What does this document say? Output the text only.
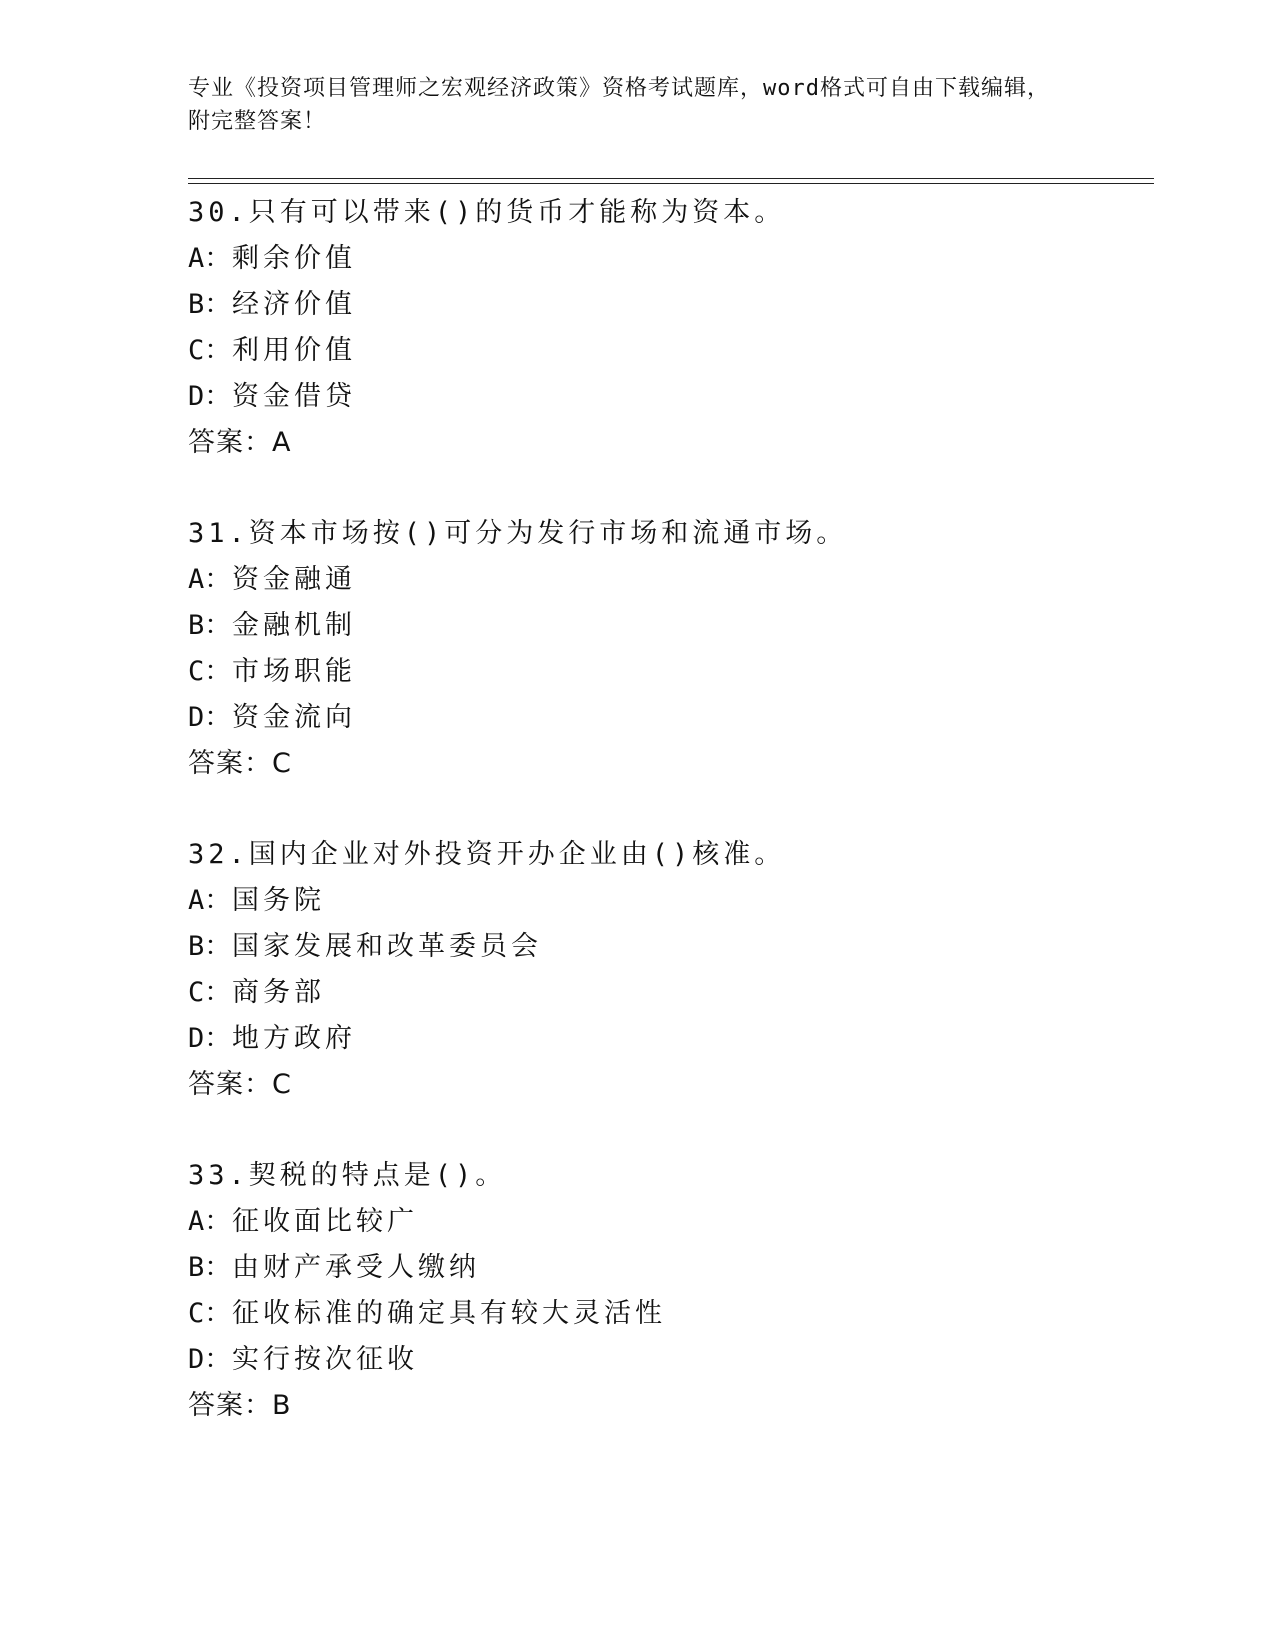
专业《投资项目管理师之宏观经济政策》资格考试题库，word格式可自由下载编辑，附完整答案！
30.只有可以带来()的货币才能称为资本。
A：剩余价值
B：经济价值
C：利用价值
D：资金借贷
答案：A
31.资本市场按()可分为发行市场和流通市场。
A：资金融通
B：金融机制
C：市场职能
D：资金流向
答案：C
32.国内企业对外投资开办企业由()核准。
A：国务院
B：国家发展和改革委员会
C：商务部
D：地方政府
答案：C
33.契税的特点是()。
A：征收面比较广
B：由财产承受人缴纳
C：征收标准的确定具有较大灵活性
D：实行按次征收
答案：B
